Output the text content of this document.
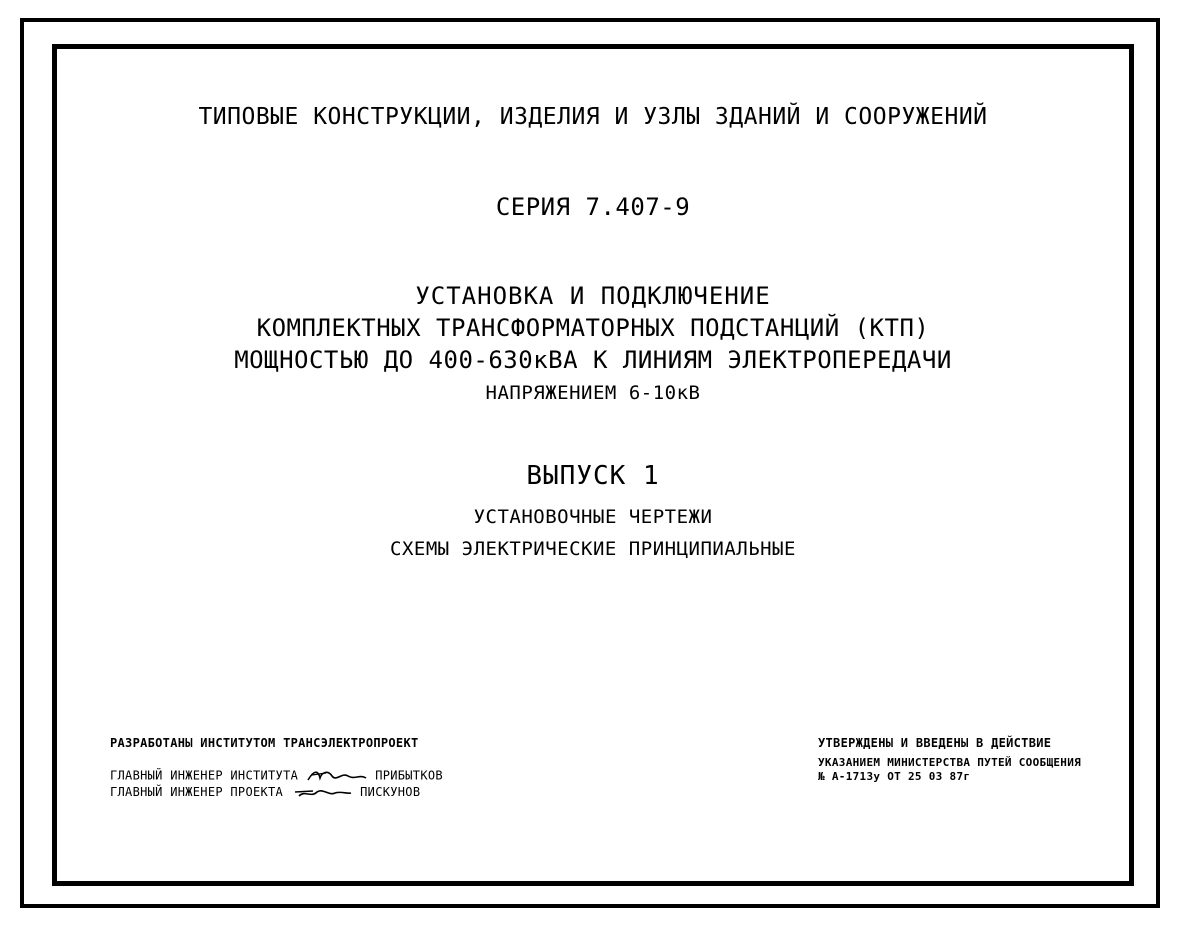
ТИПОВЫЕ КОНСТРУКЦИИ, ИЗДЕЛИЯ И УЗЛЫ ЗДАНИЙ И СООРУЖЕНИЙ
СЕРИЯ 7.407-9
УСТАНОВКА И ПОДКЛЮЧЕНИЕ
КОМПЛЕКТНЫХ ТРАНСФОРМАТОРНЫХ ПОДСТАНЦИЙ (КТП)
МОЩНОСТЬЮ ДО 400-630кВА К ЛИНИЯМ ЭЛЕКТРОПЕРЕДАЧИ
НАПРЯЖЕНИЕМ 6-10кВ
ВЫПУСК 1
УСТАНОВОЧНЫЕ ЧЕРТЕЖИ
СХЕМЫ ЭЛЕКТРИЧЕСКИЕ ПРИНЦИПИАЛЬНЫЕ
РАЗРАБОТАНЫ ИНСТИТУТОМ ТРАНСЭЛЕКТРОПРОЕКТ
ГЛАВНЫЙ ИНЖЕНЕР ИНСТИТУТА	ПРИБЫТКОВ
ГЛАВНЫЙ ИНЖЕНЕР ПРОЕКТА	ПИСКУНОВ
УТВЕРЖДЕНЫ И ВВЕДЕНЫ В ДЕЙСТВИЕ
УКАЗАНИЕМ МИНИСТЕРСТВА ПУТЕЙ СООБЩЕНИЯ
№ А-1713у ОТ 25 03 87г
